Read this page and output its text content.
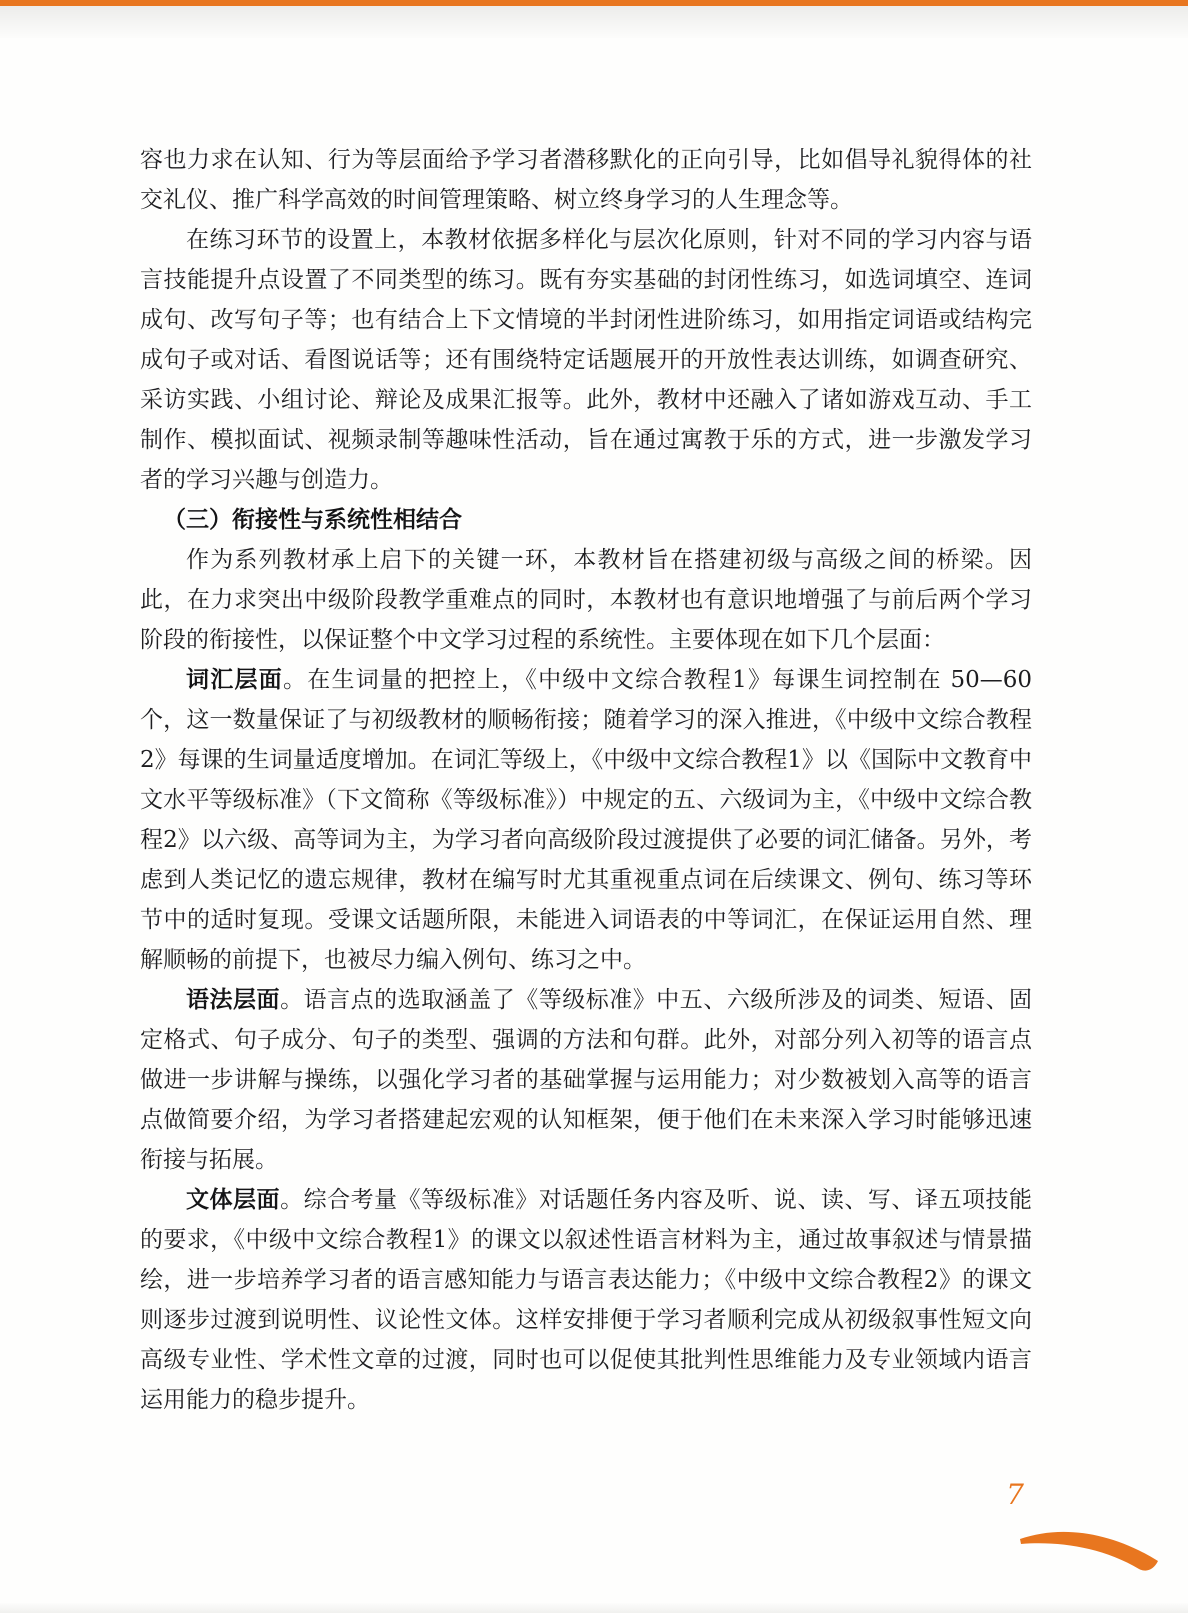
容也力求在认知、行为等层面给予学习者潜移默化的正向引导，比如倡导礼貌得体的社交礼仪、推广科学高效的时间管理策略、树立终身学习的人生理念等。

在练习环节的设置上，本教材依据多样化与层次化原则，针对不同的学习内容与语言技能提升点设置了不同类型的练习。既有夯实基础的封闭性练习，如选词填空、连词成句、改写句子等；也有结合上下文情境的半封闭性进阶练习，如用指定词语或结构完成句子或对话、看图说话等；还有围绕特定话题展开的开放性表达训练，如调查研究、采访实践、小组讨论、辩论及成果汇报等。此外，教材中还融入了诸如游戏互动、手工制作、模拟面试、视频录制等趣味性活动，旨在通过寓教于乐的方式，进一步激发学习者的学习兴趣与创造力。

（三）衔接性与系统性相结合

作为系列教材承上启下的关键一环，本教材旨在搭建初级与高级之间的桥梁。因此，在力求突出中级阶段教学重难点的同时，本教材也有意识地增强了与前后两个学习阶段的衔接性，以保证整个中文学习过程的系统性。主要体现在如下几个层面：

词汇层面。在生词量的把控上，《中级中文综合教程1》每课生词控制在 50—60 个，这一数量保证了与初级教材的顺畅衔接；随着学习的深入推进，《中级中文综合教程2》每课的生词量适度增加。在词汇等级上，《中级中文综合教程1》以《国际中文教育中文水平等级标准》（下文简称《等级标准》）中规定的五、六级词为主，《中级中文综合教程2》以六级、高等词为主，为学习者向高级阶段过渡提供了必要的词汇储备。另外，考虑到人类记忆的遗忘规律，教材在编写时尤其重视重点词在后续课文、例句、练习等环节中的适时复现。受课文话题所限，未能进入词语表的中等词汇，在保证运用自然、理解顺畅的前提下，也被尽力编入例句、练习之中。

语法层面。语言点的选取涵盖了《等级标准》中五、六级所涉及的词类、短语、固定格式、句子成分、句子的类型、强调的方法和句群。此外，对部分列入初等的语言点做进一步讲解与操练，以强化学习者的基础掌握与运用能力；对少数被划入高等的语言点做简要介绍，为学习者搭建起宏观的认知框架，便于他们在未来深入学习时能够迅速衔接与拓展。

文体层面。综合考量《等级标准》对话题任务内容及听、说、读、写、译五项技能的要求，《中级中文综合教程1》的课文以叙述性语言材料为主，通过故事叙述与情景描绘，进一步培养学习者的语言感知能力与语言表达能力；《中级中文综合教程2》的课文则逐步过渡到说明性、议论性文体。这样安排便于学习者顺利完成从初级叙事性短文向高级专业性、学术性文章的过渡，同时也可以促使其批判性思维能力及专业领域内语言运用能力的稳步提升。

7
